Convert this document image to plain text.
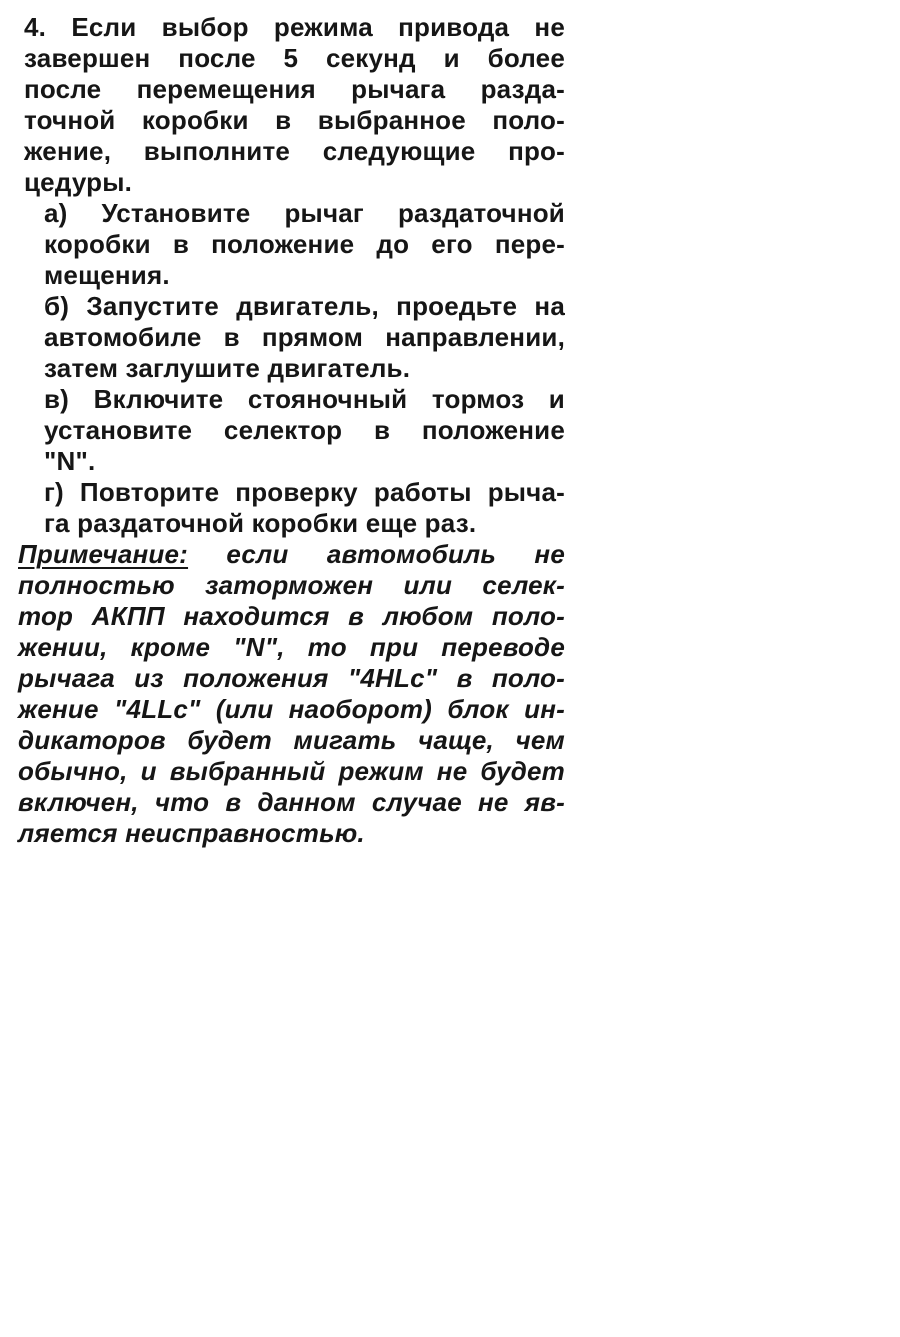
4. Если выбор режима привода не
завершен после 5 секунд и более
после перемещения рычага разда-
точной коробки в выбранное поло-
жение, выполните следующие про-
цедуры.
а) Установите рычаг раздаточной
коробки в положение до его пере-
мещения.
б) Запустите двигатель, проедьте на
автомобиле в прямом направлении,
затем заглушите двигатель.
в) Включите стояночный тормоз и
установите селектор в положение
"N".
г) Повторите проверку работы рыча-
га раздаточной коробки еще раз.
Примечание: если автомобиль не
полностью заторможен или селек-
тор АКПП находится в любом поло-
жении, кроме "N", то при переводе
рычага из положения "4HLc" в поло-
жение "4LLc" (или наоборот) блок ин-
дикаторов будет мигать чаще, чем
обычно, и выбранный режим не будет
включен, что в данном случае не яв-
ляется неисправностью.
